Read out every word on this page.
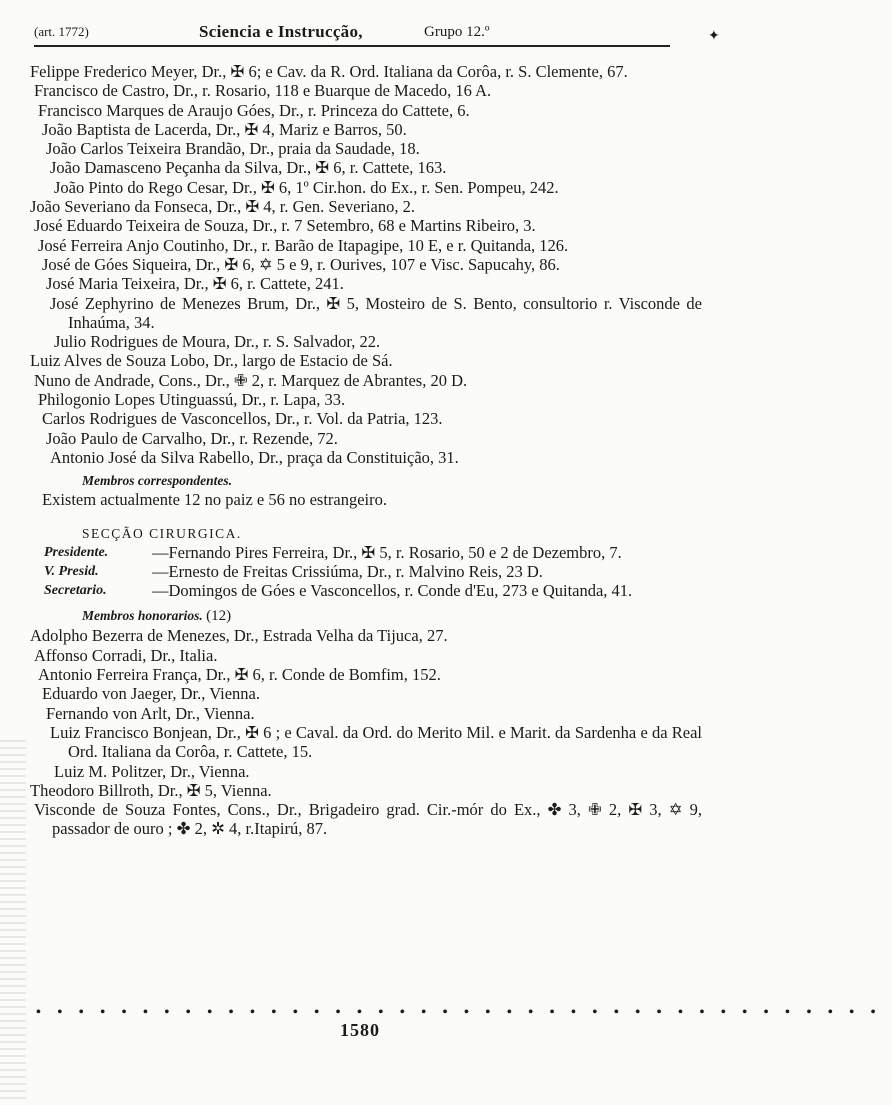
(art. 1772)	Sciencia e Instrucção,	Grupo 12.º	✦

Felippe Frederico Meyer, Dr., ✠ 6; e Cav. da R. Ord. Italiana da Corôa, r. S. Clemente, 67.

Francisco de Castro, Dr., r. Rosario, 118 e Buarque de Macedo, 16 A.

Francisco Marques de Araujo Góes, Dr., r. Princeza do Cattete, 6.

João Baptista de Lacerda, Dr., ✠ 4, Mariz e Barros, 50.

João Carlos Teixeira Brandão, Dr., praia da Saudade, 18.

João Damasceno Peçanha da Silva, Dr., ✠ 6, r. Cattete, 163.

João Pinto do Rego Cesar, Dr., ✠ 6, 1º Cir.hon. do Ex., r. Sen. Pompeu, 242.

João Severiano da Fonseca, Dr., ✠ 4, r. Gen. Severiano, 2.

José Eduardo Teixeira de Souza, Dr., r. 7 Setembro, 68 e Martins Ribeiro, 3.

José Ferreira Anjo Coutinho, Dr., r. Barão de Itapagipe, 10 E, e r. Quitanda, 126.

José de Góes Siqueira, Dr., ✠ 6, ✡ 5 e 9, r. Ourives, 107 e Visc. Sapucahy, 86.

José Maria Teixeira, Dr., ✠ 6, r. Cattete, 241.

José Zephyrino de Menezes Brum, Dr., ✠ 5, Mosteiro de S. Bento, consultorio r. Visconde de Inhaúma, 34.

Julio Rodrigues de Moura, Dr., r. S. Salvador, 22.

Luiz Alves de Souza Lobo, Dr., largo de Estacio de Sá.

Nuno de Andrade, Cons., Dr., ✙ 2, r. Marquez de Abrantes, 20 D.

Philogonio Lopes Utinguassú, Dr., r. Lapa, 33.

Carlos Rodrigues de Vasconcellos, Dr., r. Vol. da Patria, 123.

João Paulo de Carvalho, Dr., r. Rezende, 72.

Antonio José da Silva Rabello, Dr., praça da Constituição, 31.

Membros correspondentes.

Existem actualmente 12 no paiz e 56 no estrangeiro.

SECÇÃO CIRURGICA.
Presidente.	—Fernando Pires Ferreira, Dr., ✠ 5, r. Rosario, 50 e 2 de Dezembro, 7.
V. Presid.	—Ernesto de Freitas Crissiúma, Dr., r. Malvino Reis, 23 D.
Secretario.	—Domingos de Góes e Vasconcellos, r. Conde d'Eu, 273 e Quitanda, 41.
Membros honorarios. (12)

Adolpho Bezerra de Menezes, Dr., Estrada Velha da Tijuca, 27.

Affonso Corradi, Dr., Italia.

Antonio Ferreira França, Dr., ✠ 6, r. Conde de Bomfim, 152.

Eduardo von Jaeger, Dr., Vienna.

Fernando von Arlt, Dr., Vienna.

Luiz Francisco Bonjean, Dr., ✠ 6 ; e Caval. da Ord. do Merito Mil. e Marit. da Sardenha e da Real Ord. Italiana da Corôa, r. Cattete, 15.

Luiz M. Politzer, Dr., Vienna.

Theodoro Billroth, Dr., ✠ 5, Vienna.

Visconde de Souza Fontes, Cons., Dr., Brigadeiro grad. Cir.-mór do Ex., ✤ 3, ✙ 2, ✠ 3, ✡ 9, passador de ouro ; ✤ 2, ✲ 4, r.Itapirú, 87.

••••••••••••••••••••••••••••••••••••••••
1580
